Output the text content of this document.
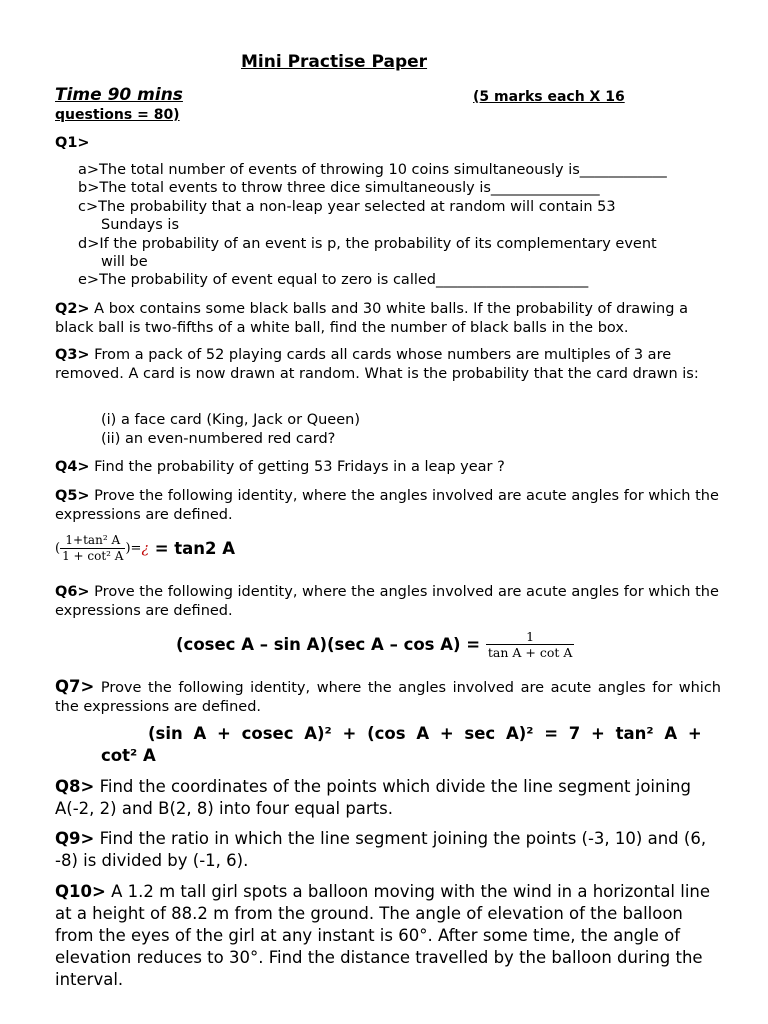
Mini Practise Paper
Time 90 mins	(5 marks each X 16
questions = 80)
Q1>
a>The total number of events of throwing 10 coins simultaneously is____________
b>The total events to throw three dice simultaneously is_______________
c>The probability that a non-leap year selected at random will contain 53
Sundays is
d>If the probability of an event is p, the probability of its complementary event
will be
e>The probability of event equal to zero is called_____________________
Q2> A box contains some black balls and 30 white balls. If the probability of drawing a black ball is two-fifths of a white ball, find the number of black balls in the box.
Q3> From a pack of 52 playing cards all cards whose numbers are multiples of 3 are removed. A card is now drawn at random. What is the probability that the card drawn is:
(i) a face card (King, Jack or Queen)
(ii) an even-numbered red card?
Q4> Find the probability of getting 53 Fridays in a leap year ?
Q5> Prove the following identity, where the angles involved are acute angles for which the expressions are defined.
( $\frac{\text{1+tan² A}}{\text{1 + cot² A}}$ )=¿ = tan2 A
Q6> Prove the following identity, where the angles involved are acute angles for which the expressions are defined.
(cosec A – sin A)(sec $A - \cos A) = \frac{1}{\text{tan A + cot A}}$
Q7> Prove the following identity, where the angles involved are acute angles for which the expressions are defined.
(sin A + cosec A)² + (cos A + sec A)² = 7 + tan² A +
cot² A
Q8> Find the coordinates of the points which divide the line segment joining A(-2, 2) and B(2, 8) into four equal parts.
Q9> Find the ratio in which the line segment joining the points (-3, 10) and (6, -8) is divided by (-1, 6).
Q10> A 1.2 m tall girl spots a balloon moving with the wind in a horizontal line at a height of 88.2 m from the ground. The angle of elevation of the balloon from the eyes of the girl at any instant is 60°. After some time, the angle of elevation reduces to 30°. Find the distance travelled by the balloon during the interval.
